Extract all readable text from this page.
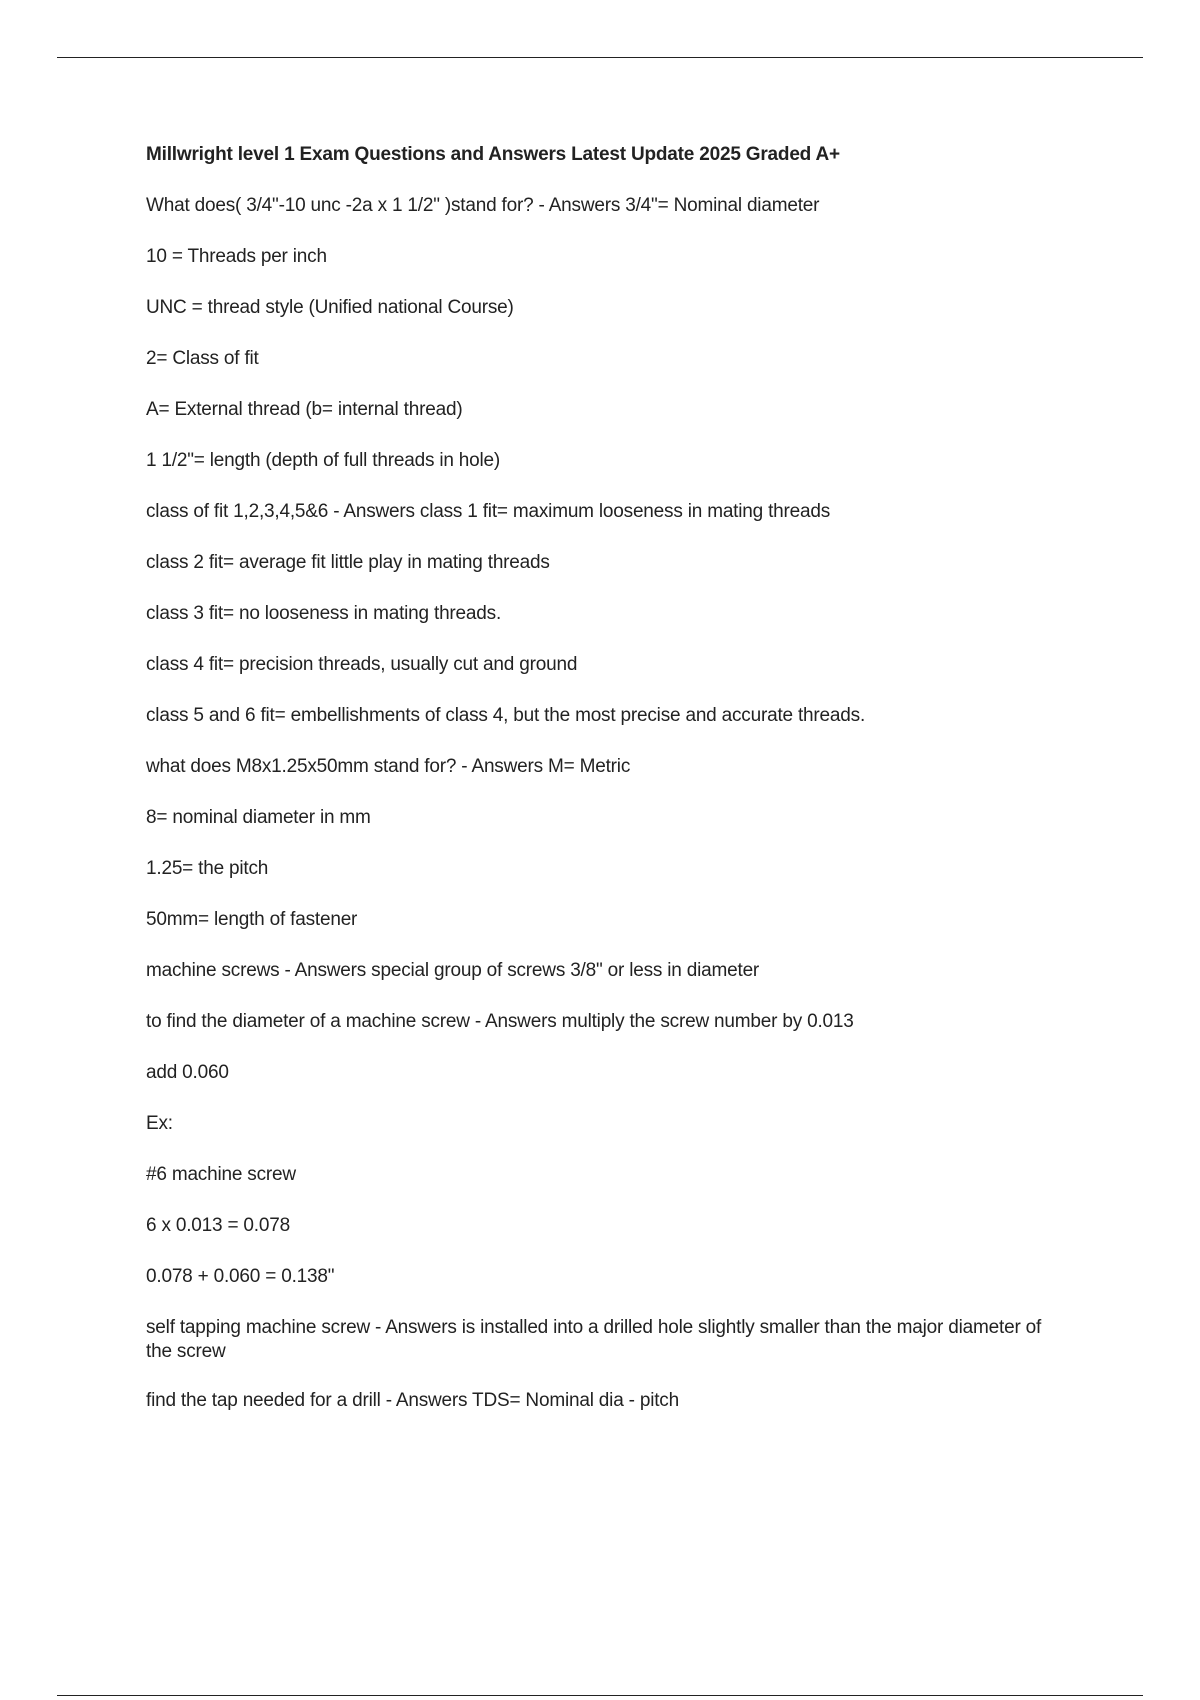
Millwright level 1 Exam Questions and Answers Latest Update 2025 Graded A+
What does( 3/4"-10 unc -2a x 1 1/2" )stand for? - Answers 3/4"= Nominal diameter
10 = Threads per inch
UNC = thread style (Unified national Course)
2= Class of fit
A= External thread (b= internal thread)
1 1/2"= length (depth of full threads in hole)
class of fit 1,2,3,4,5&6 - Answers class 1 fit= maximum looseness in mating threads
class 2 fit= average fit little play in mating threads
class 3 fit= no looseness in mating threads.
class 4 fit= precision threads, usually cut and ground
class 5 and 6 fit= embellishments of class 4, but the most precise and accurate threads.
what does M8x1.25x50mm stand for? - Answers M= Metric
8= nominal diameter in mm
1.25= the pitch
50mm= length of fastener
machine screws - Answers special group of screws 3/8" or less in diameter
to find the diameter of a machine screw - Answers multiply the screw number by 0.013
add 0.060
Ex:
#6 machine screw
6 x 0.013 = 0.078
0.078 + 0.060 = 0.138"
self tapping machine screw - Answers is installed into a drilled hole slightly smaller than the major diameter of the screw
find the tap needed for a drill - Answers TDS= Nominal dia - pitch
